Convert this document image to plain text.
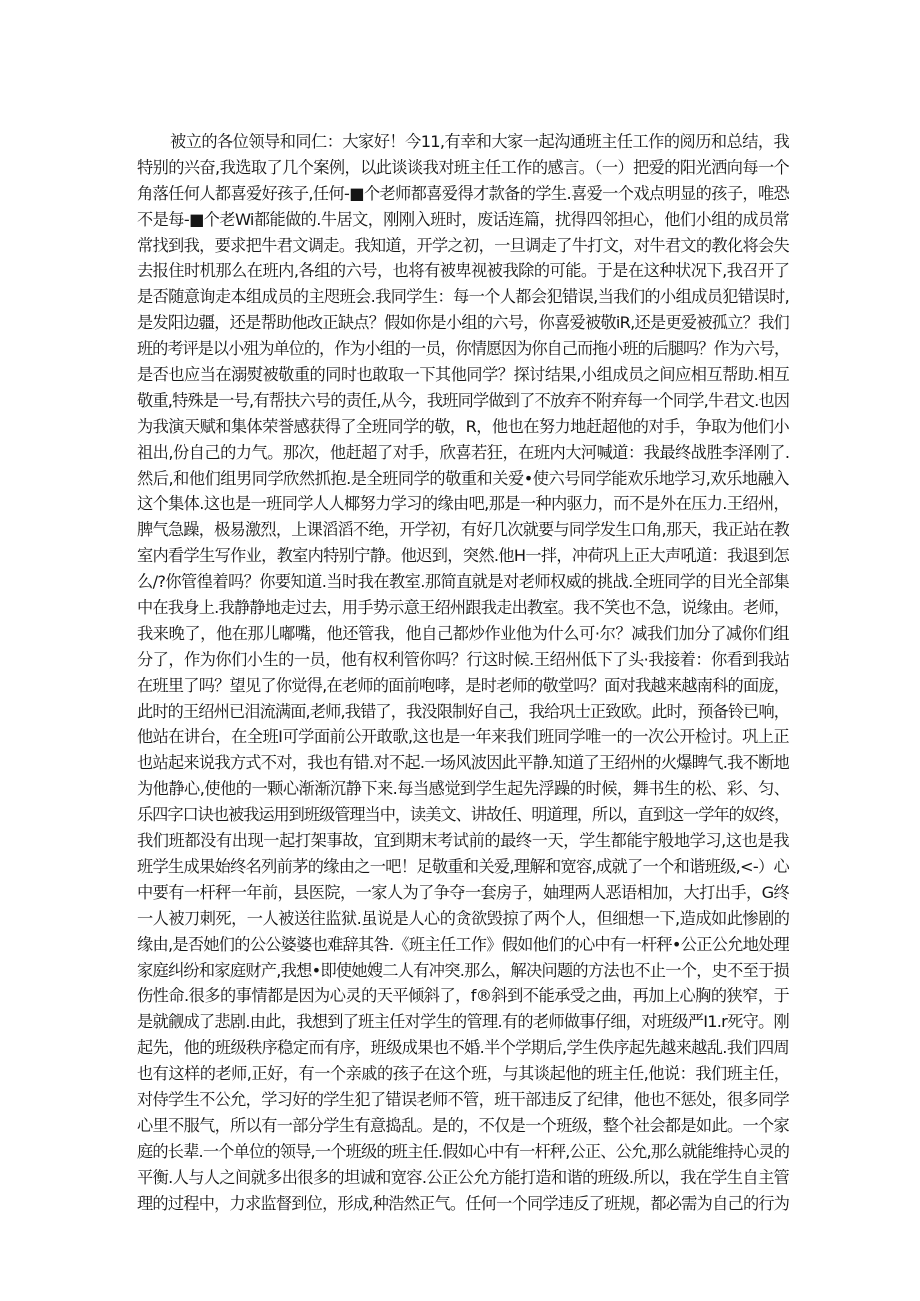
被立的各位领导和同仁：大家好！今11,有幸和大家一起沟通班主任工作的阅历和总结，我
特别的兴奋,我选取了几个案例，以此谈谈我对班主任工作的感言。（一）把爱的阳光洒向每一个
角落任何人都喜爱好孩子,任何-■个老师都喜爱得才款备的学生.喜爱一个戏点明显的孩子，唯恐
不是每-■个老Wi都能做的.牛居文，刚刚入班时，废话连篇，扰得四邻担心，他们小组的成员常
常找到我，要求把牛君文调走。我知道，开学之初，一旦调走了牛打文，对牛君文的教化将会失
去报住时机那么在班内,各组的六号，也将有被卑视被我除的可能。于是在这种状况下,我召开了
是否随意询走本组成员的主咫班会.我同学生：每一个人都会犯错误,当我们的小组成员犯错误时,
是发阳边疆，还是帮助他改正缺点？假如你是小组的六号，你喜爱被敬iR,还是更爱被孤立？我们
班的考评是以小殂为单位的，作为小组的一员，你情愿因为你自己而拖小班的后腿吗？作为六号，
是否也应当在溺熨被敬重的同时也敢取一下其他同学？探讨结果,小组成员之间应相互帮助.相互
敬重,特殊是一号,有帮扶六号的责任,从今，我班同学做到了不放弃不附弃每一个同学,牛君文.也因
为我演天赋和集体荣誉感获得了全班同学的敬，R，他也在努力地赶超他的对手，争取为他们小
祖出,份自己的力气。那次，他赶超了对手，欣喜若狂，在班内大河喊道：我最终战胜李泽刚了.
然后,和他们组男同学欣然抓抱.是全班同学的敬重和关爱•使六号同学能欢乐地学习,欢乐地融入
这个集体.这也是一班同学人人椰努力学习的缘由吧,那是一种内驱力，而不是外在压力.王绍州，
脾气急躁，极易激烈，上课滔滔不绝，开学初，有好几次就要与同学发生口角,那天，我正站在教
室内看学生写作业，教室内特别宁静。他迟到，突然.他H一拌，冲荷巩上正大声吼道：我退到怎
么/?你管徨着吗？你要知道.当时我在教室.那简直就是对老师权威的挑战.全班同学的目光全部集
中在我身上.我静静地走过去，用手势示意王绍州跟我走出教室。我不笑也不急，说缘由。老师，
我来晚了，他在那儿嘟嘴，他还管我，他自己都炒作业他为什么可·尔？减我们加分了减你们组
分了，作为你们小生的一员，他有权利管你吗？行这时候.王绍州低下了头·我接着：你看到我站
在班里了吗？望见了你觉得,在老师的面前咆哮，是时老师的敬堂吗？面对我越来越南科的面庞，
此时的王绍州已泪流满面,老师,我错了，我没限制好自己，我给巩士正致欧。此时，预备铃已响，
他站在讲台，在全班I可学面前公开敢歌,这也是一年来我们班同学唯一的一次公开检讨。巩上正
也站起来说我方式不对，我也有错.对不起.一场风波因此平静.知道了王绍州的火爆睥气.我不断地
为他静心,使他的一颗心渐渐沉静下来.每当感觉到学生起先浮躁的时候，舞书生的松、彩、匀、
乐四字口诀也被我运用到班级管理当中，读美文、讲故任、明道理，所以，直到这一学年的奴终，
我们班都没有出现一起打架事故，宜到期末考试前的最终一天，学生都能宇般地学习,这也是我
班学生成果始终名列前茅的缘由之一吧！足敬重和关爱,理解和宽容,成就了一个和谐班级,<-）心
中要有一杆秤一年前，县医院，一家人为了争夺一套房子，妯理两人恶语相加，大打出手，G终
一人被刀刺死，一人被送往监狱.虽说是人心的贪欲毁掠了两个人，但细想一下,造成如此惨剧的
缘由,是否她们的公公婆婆也难辞其咎.《班主任工作》假如他们的心中有一杆秤•公正公允地处理
家庭纠纷和家庭财产,我想•即使她嫂二人有冲突.那么，解决问题的方法也不止一个，史不至于损
伤性命.很多的事情都是因为心灵的天平倾斜了，f®斜到不能承受之曲，再加上心胸的狭窄，于
是就觎成了悲剧.由此，我想到了班主任对学生的管理.有的老师做事仔细，对班级严I1.r死守。刚
起先，他的班级秩序稳定而有序，班级成果也不婚.半个学期后,学生佚序起先越来越乱.我们四周
也有这样的老师,正好，有一个亲戚的孩子在这个班，与其谈起他的班主任,他说：我们班主任，
对侍学生不公允，学习好的学生犯了错误老师不管，班干部违反了纪律，他也不惩处，很多同学
心里不服气，所以有一部分学生有意捣乱。是的，不仅是一个班级，整个社会都是如此。一个家
庭的长辈.一个单位的领导,一个班级的班主任.假如心中有一杆秤,公正、公允,那么就能维持心灵的
平衡.人与人之间就多出很多的坦诚和宽容.公正公允方能打造和谐的班级.所以，我在学生自主管
理的过程中，力求监督到位，形成,种浩然正气。任何一个同学违反了班规，都必需为自己的行为
